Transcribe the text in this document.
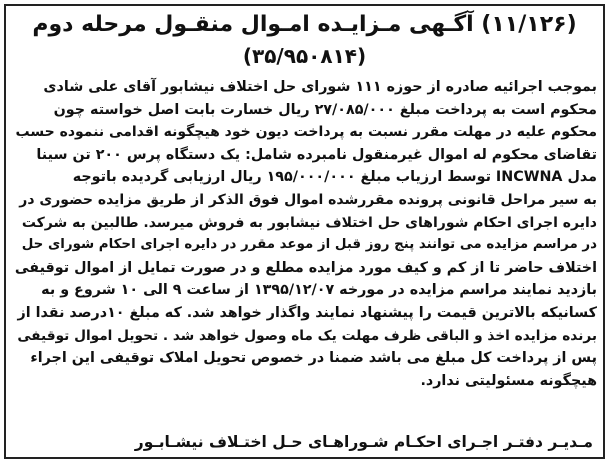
(۱۱/۱۲۶) آگـهی مـزایـده امـوال منقـول مرحله دوم
(۳۵/۹۵۰۸۱۴)
بموجب اجرائیه صادره از حوزه ۱۱۱ شورای حل اختلاف نیشابور آقای علی شادی
محکوم است به پرداخت مبلغ ۲۷/۰۸۵/۰۰۰ ریال خسارت بابت اصل خواسته چون
محکوم علیه در مهلت مقرر نسبت به پرداخت دیون خود هیچگونه اقدامی ننموده حسب
تقاضای محکوم له اموال غیرمنقول نامبرده شامل: یک دستگاه پرس ۲۰۰ تن سینا
مدل INCWNA توسط ارزیاب مبلغ ۱۹۵/۰۰۰/۰۰۰ ریال ارزیابی گردیده باتوجه
به سیر مراحل قانونی پرونده مقررشده اموال فوق الذکر از طریق مزایده حضوری در
دایره اجرای احکام شوراهای حل اختلاف نیشابور به فروش میرسد. طالبین به شرکت
در مراسم مزایده می توانند پنج روز قبل از موعد مقرر در دایره اجرای احکام شورای حل
اختلاف حاضر تا از کم و کیف مورد مزایده مطلع و در صورت تمایل از اموال توقیفی
بازدید نمایند مراسم مزایده در مورخه ۱۳۹۵/۱۲/۰۷ از ساعت ۹ الی ۱۰ شروع و به
کسانیکه بالاترین قیمت را پیشنهاد نمایند واگذار خواهد شد. که مبلغ ۱۰درصد نقدا از
برنده مزایده اخذ و الباقی ظرف مهلت یک ماه وصول خواهد شد . تحویل اموال توقیفی
پس از پرداخت کل مبلغ می باشد ضمنا در خصوص تحویل املاک توقیفی این اجراء
هیچگونه مسئولیتی ندارد.
مـدیـر دفتـر اجـرای احکـام شـوراهـای حـل اختـلاف نیشـابـور
